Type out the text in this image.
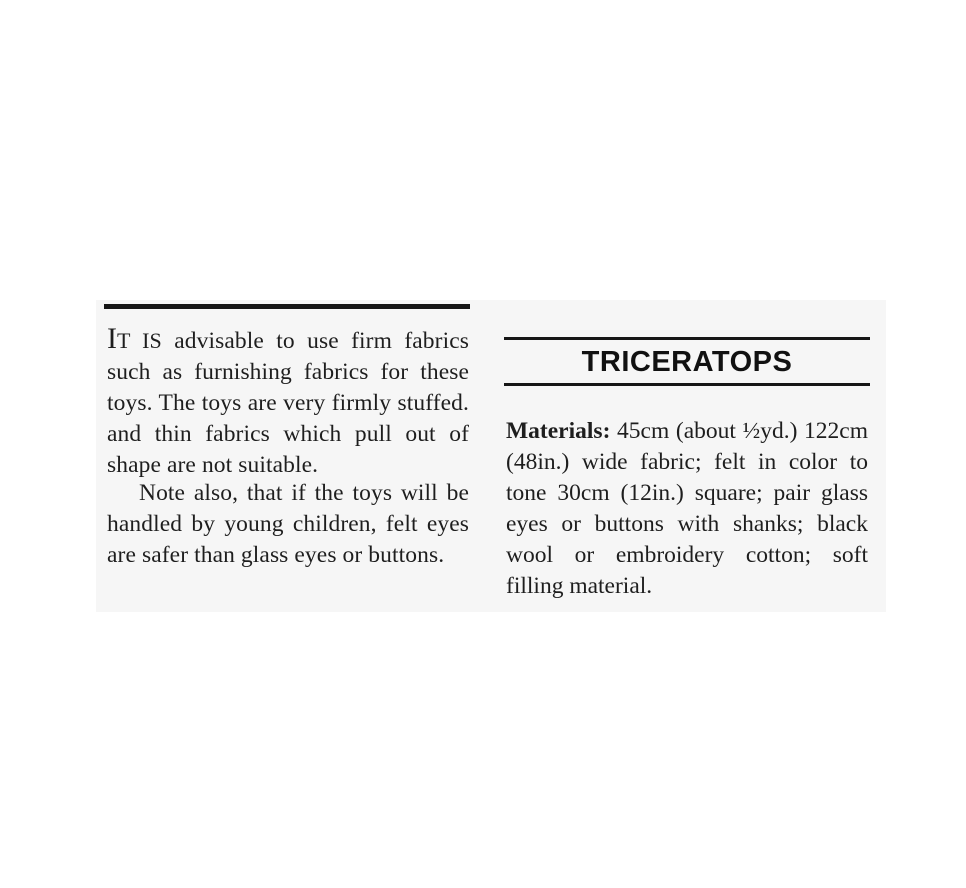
IT IS advisable to use firm fabrics such as furnishing fabrics for these toys. The toys are very firmly stuffed. and thin fabrics which pull out of shape are not suitable.

Note also, that if the toys will be handled by young children, felt eyes are safer than glass eyes or buttons.

TRICERATOPS

Materials: 45cm (about ½yd.) 122cm (48in.) wide fabric; felt in color to tone 30cm (12in.) square; pair glass eyes or buttons with shanks; black wool or embroidery cotton; soft filling material.
